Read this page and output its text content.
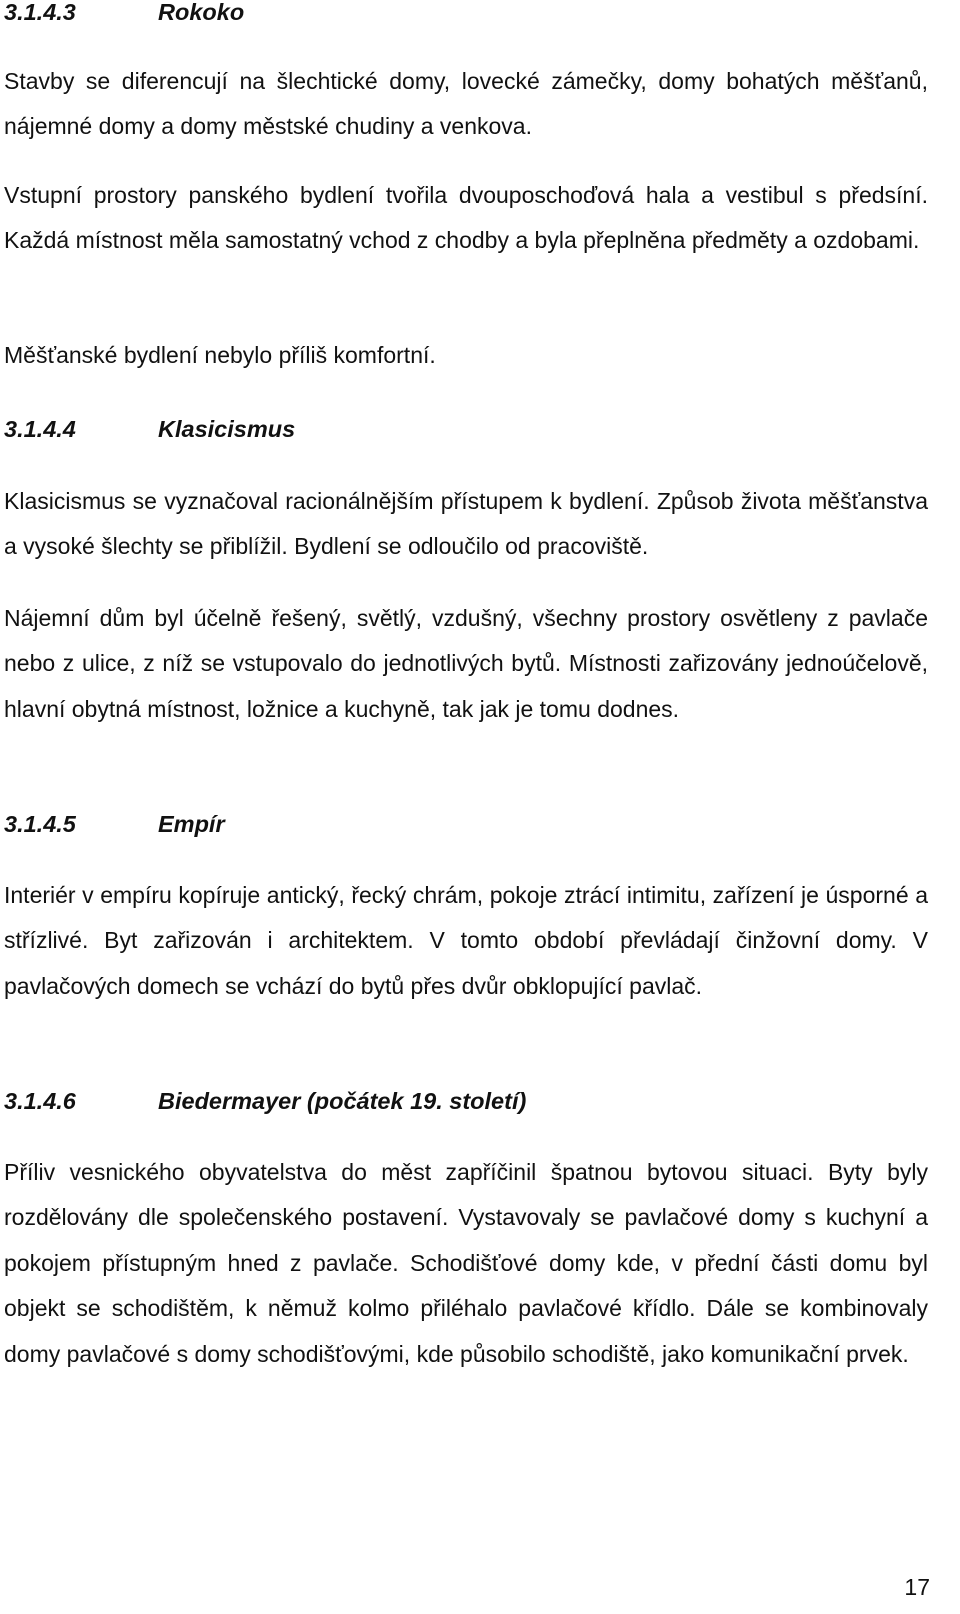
3.1.4.3	Rokoko

Stavby se diferencují na šlechtické domy, lovecké zámečky, domy bohatých měšťanů, nájemné domy a domy městské chudiny a venkova.

Vstupní prostory panského bydlení tvořila dvouposchoďová hala a vestibul s předsíní. Každá místnost měla samostatný vchod z chodby a byla přeplněna předměty a ozdobami.

Měšťanské bydlení nebylo příliš komfortní.

3.1.4.4	Klasicismus

Klasicismus se vyznačoval racionálnějším přístupem k bydlení. Způsob života měšťanstva a vysoké šlechty se přiblížil. Bydlení se odloučilo od pracoviště.

Nájemní dům byl účelně řešený, světlý, vzdušný, všechny prostory osvětleny z pavlače nebo z ulice, z níž se vstupovalo do jednotlivých bytů. Místnosti zařizovány jednoúčelově, hlavní obytná místnost, ložnice a kuchyně, tak jak je tomu dodnes.

3.1.4.5	Empír

Interiér v empíru kopíruje antický, řecký chrám, pokoje ztrácí intimitu, zařízení je úsporné a střízlivé. Byt zařizován i architektem. V tomto období převládají činžovní domy. V pavlačových domech se vchází do bytů přes dvůr obklopující pavlač.

3.1.4.6	Biedermayer (počátek 19. století)

Příliv vesnického obyvatelstva do měst zapříčinil špatnou bytovou situaci. Byty byly rozdělovány dle společenského postavení. Vystavovaly se pavlačové domy s kuchyní a pokojem přístupným hned z pavlače. Schodišťové domy kde, v přední části domu byl objekt se schodištěm, k němuž kolmo přiléhalo pavlačové křídlo. Dále se kombinovaly domy pavlačové s domy schodišťovými, kde působilo schodiště, jako komunikační prvek.

17
